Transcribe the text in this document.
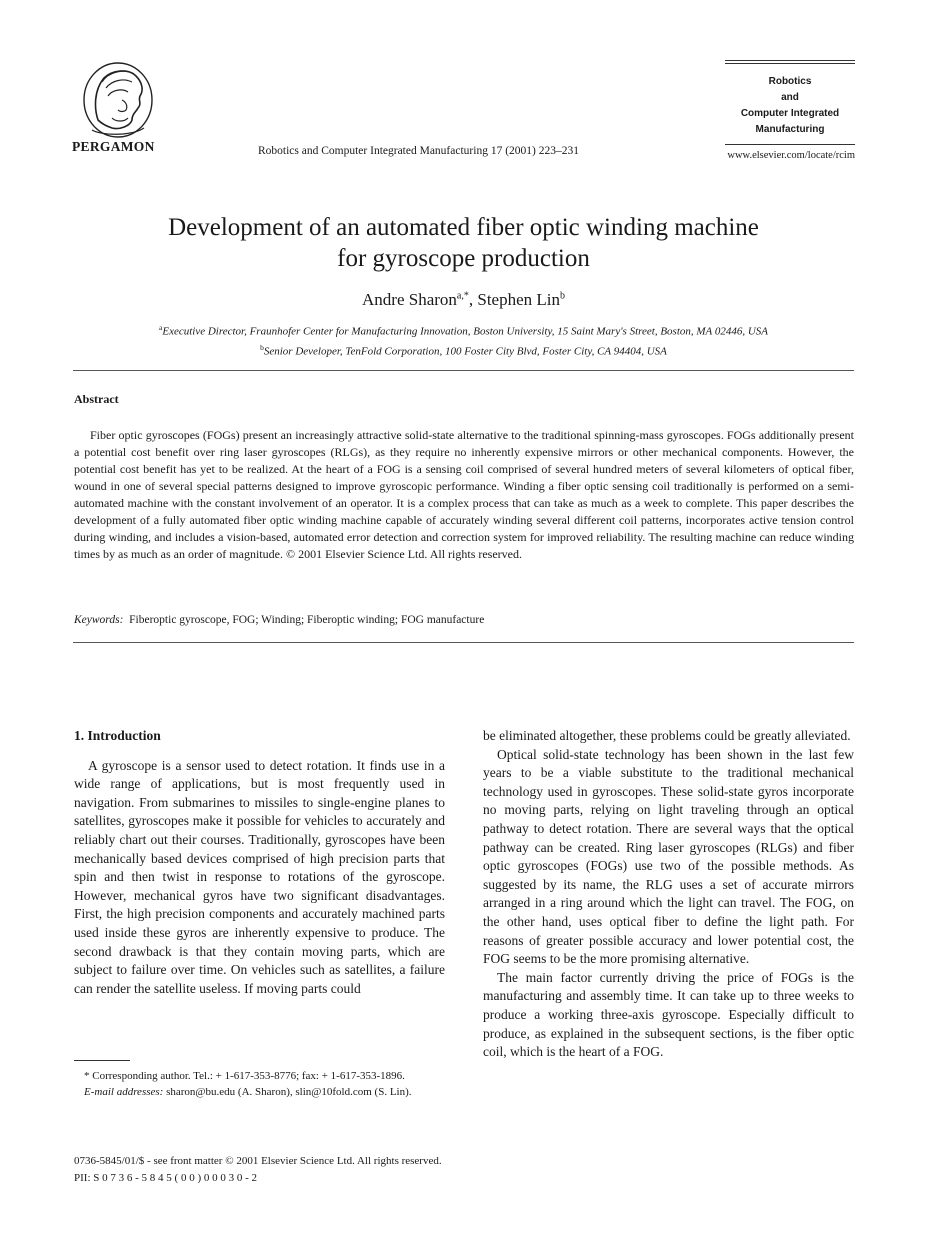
PERGAMON	Robotics and Computer Integrated Manufacturing 17 (2001) 223–231
Robotics
and
Computer Integrated
Manufacturing
www.elsevier.com/locate/rcim
Development of an automated fiber optic winding machine
for gyroscope production
Andre Sharon$^{a,*}$, Stephen Lin$^b$
$^a$Executive Director, Fraunhofer Center for Manufacturing Innovation, Boston University, 15 Saint Mary's Street, Boston, MA 02446, USA
$^b$Senior Developer, TenFold Corporation, 100 Foster City Blvd, Foster City, CA 94404, USA
Abstract
Fiber optic gyroscopes (FOGs) present an increasingly attractive solid-state alternative to the traditional spinning-mass gyroscopes. FOGs additionally present a potential cost benefit over ring laser gyroscopes (RLGs), as they require no inherently expensive mirrors or other mechanical components. However, the potential cost benefit has yet to be realized. At the heart of a FOG is a sensing coil comprised of several hundred meters of several kilometers of optical fiber, wound in one of several special patterns designed to improve gyroscopic performance. Winding a fiber optic sensing coil traditionally is performed on a semi-automated machine with the constant involvement of an operator. It is a complex process that can take as much as a week to complete. This paper describes the development of a fully automated fiber optic winding machine capable of accurately winding several different coil patterns, incorporates active tension control during winding, and includes a vision-based, automated error detection and correction system for improved reliability. The resulting machine can reduce winding times by as much as an order of magnitude. © 2001 Elsevier Science Ltd. All rights reserved.
Keywords: Fiberoptic gyroscope, FOG; Winding; Fiberoptic winding; FOG manufacture
1. Introduction

A gyroscope is a sensor used to detect rotation. It finds use in a wide range of applications, but is most frequently used in navigation. From submarines to missiles to single-engine planes to satellites, gyroscopes make it possible for vehicles to accurately and reliably chart out their courses. Traditionally, gyroscopes have been mechanically based devices comprised of high precision parts that spin and then twist in response to rotations of the gyroscope. However, mechanical gyros have two significant disadvantages. First, the high precision components and accurately machined parts used inside these gyros are inherently expensive to produce. The second drawback is that they contain moving parts, which are subject to failure over time. On vehicles such as satellites, a failure can render the satellite useless. If moving parts could

be eliminated altogether, these problems could be greatly alleviated.

Optical solid-state technology has been shown in the last few years to be a viable substitute to the traditional mechanical technology used in gyroscopes. These solid-state gyros incorporate no moving parts, relying on light traveling through an optical pathway to detect rotation. There are several ways that the optical pathway can be created. Ring laser gyroscopes (RLGs) and fiber optic gyroscopes (FOGs) use two of the possible methods. As suggested by its name, the RLG uses a set of accurate mirrors arranged in a ring around which the light can travel. The FOG, on the other hand, uses optical fiber to define the light path. For reasons of greater possible accuracy and lower potential cost, the FOG seems to be the more promising alternative.

The main factor currently driving the price of FOGs is the manufacturing and assembly time. It can take up to three weeks to produce a working three-axis gyroscope. Especially difficult to produce, as explained in the subsequent sections, is the fiber optic coil, which is the heart of a FOG.

* Corresponding author. Tel.: + 1-617-353-8776; fax: + 1-617-353-1896.

E-mail addresses: sharon@bu.edu (A. Sharon), slin@10fold.com (S. Lin).

0736-5845/01/$ - see front matter © 2001 Elsevier Science Ltd. All rights reserved.
PII: S 0 7 3 6 - 5 8 4 5 ( 0 0 ) 0 0 0 3 0 - 2
